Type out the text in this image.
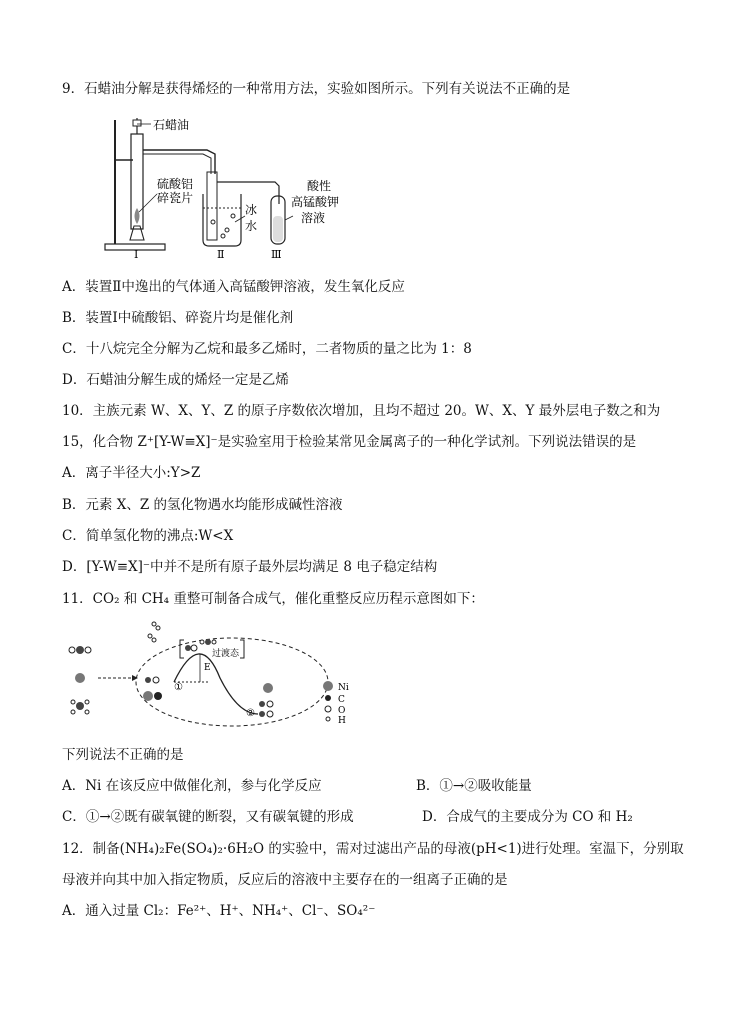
9．石蜡油分解是获得烯烃的一种常用方法，实验如图所示。下列有关说法不正确的是
石蜡油
硫酸铝
碎瓷片
冰
水
酸性
高锰酸钾
溶液
Ⅰ	Ⅱ	Ⅲ
A．装置Ⅱ中逸出的气体通入高锰酸钾溶液，发生氧化反应
B．装置Ⅰ中硫酸铝、碎瓷片均是催化剂
C．十八烷完全分解为乙烷和最多乙烯时，二者物质的量之比为 1：8
D．石蜡油分解生成的烯烃一定是乙烯
10．主族元素 W、X、Y、Z 的原子序数依次增加，且均不超过 20。W、X、Y 最外层电子数之和为
15，化合物 Z⁺[Y-W≡X]⁻是实验室用于检验某常见金属离子的一种化学试剂。下列说法错误的是
A．离子半径大小:Y>Z
B．元素 X、Z 的氢化物遇水均能形成碱性溶液
C．简单氢化物的沸点:W<X
D．[Y-W≡X]⁻中并不是所有原子最外层均满足 8 电子稳定结构
11．CO₂ 和 CH₄ 重整可制备合成气，催化重整反应历程示意图如下：
过渡态
E
①
②
Ni
C
O
H
下列说法不正确的是
A．Ni 在该反应中做催化剂，参与化学反应	B．①→②吸收能量
C．①→②既有碳氧键的断裂，又有碳氧键的形成	D．合成气的主要成分为 CO 和 H₂
12．制备(NH₄)₂Fe(SO₄)₂·6H₂O 的实验中，需对过滤出产品的母液(pH<1)进行处理。室温下，分别取
母液并向其中加入指定物质，反应后的溶液中主要存在的一组离子正确的是
A．通入过量 Cl₂：Fe²⁺、H⁺、NH₄⁺、Cl⁻、SO₄²⁻
